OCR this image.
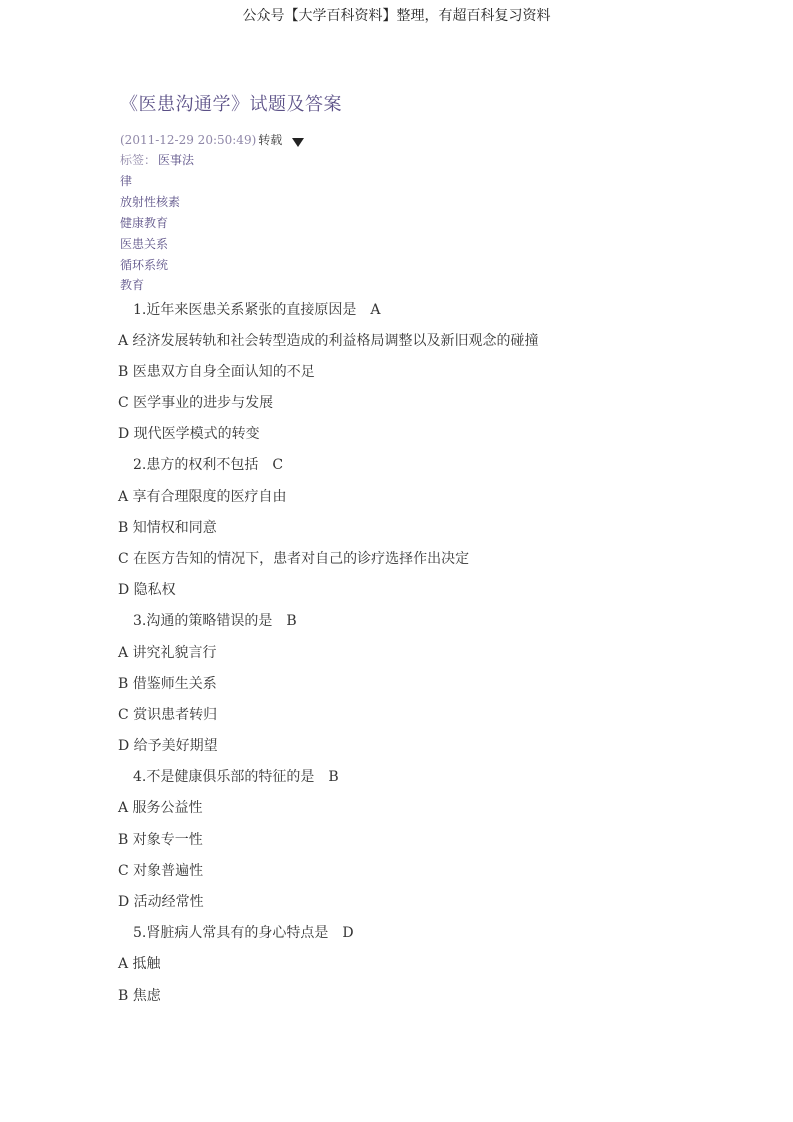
公众号【大学百科资料】整理，有超百科复习资料
《医患沟通学》试题及答案
(2011-12-29 20:50:49) 转载
标签： 医事法
律
放射性核素
健康教育
医患关系
循环系统
教育
1.近年来医患关系紧张的直接原因是　A
A 经济发展转轨和社会转型造成的利益格局调整以及新旧观念的碰撞
B 医患双方自身全面认知的不足
C 医学事业的进步与发展
D 现代医学模式的转变
2.患方的权利不包括　C
A 享有合理限度的医疗自由
B 知情权和同意
C 在医方告知的情况下，患者对自己的诊疗选择作出决定
D 隐私权
3.沟通的策略错误的是　B
A 讲究礼貌言行
B 借鉴师生关系
C 赏识患者转归
D 给予美好期望
4.不是健康俱乐部的特征的是　B
A 服务公益性
B 对象专一性
C 对象普遍性
D 活动经常性
5.肾脏病人常具有的身心特点是　D
A 抵触
B 焦虑
